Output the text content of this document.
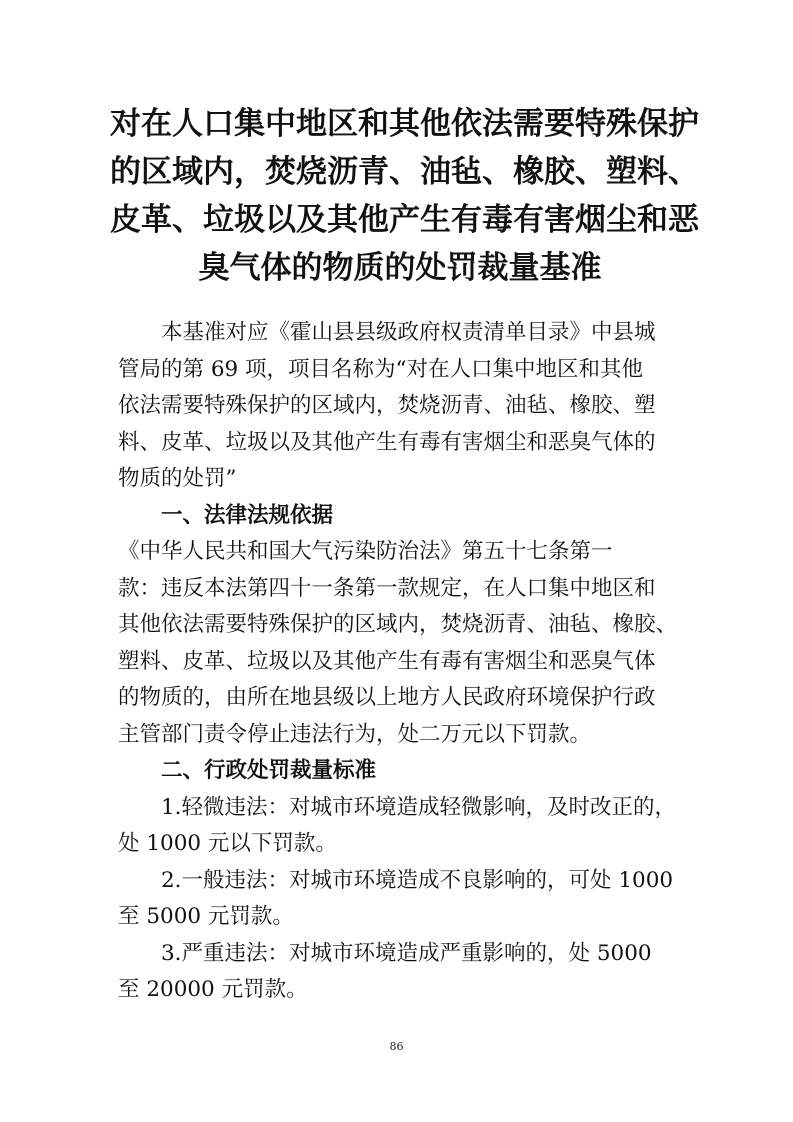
对在人口集中地区和其他依法需要特殊保护
的区域内，焚烧沥青、油毡、橡胶、塑料、
皮革、垃圾以及其他产生有毒有害烟尘和恶
臭气体的物质的处罚裁量基准
本基准对应《霍山县县级政府权责清单目录》中县城
管局的第 69 项，项目名称为“对在人口集中地区和其他
依法需要特殊保护的区域内，焚烧沥青、油毡、橡胶、塑
料、皮革、垃圾以及其他产生有毒有害烟尘和恶臭气体的
物质的处罚”
一、法律法规依据
《中华人民共和国大气污染防治法》第五十七条第一
款：违反本法第四十一条第一款规定，在人口集中地区和
其他依法需要特殊保护的区域内，焚烧沥青、油毡、橡胶、
塑料、皮革、垃圾以及其他产生有毒有害烟尘和恶臭气体
的物质的，由所在地县级以上地方人民政府环境保护行政
主管部门责令停止违法行为，处二万元以下罚款。
二、行政处罚裁量标准
1.轻微违法：对城市环境造成轻微影响，及时改正的，
处 1000 元以下罚款。
2.一般违法：对城市环境造成不良影响的，可处 1000
至 5000 元罚款。
3.严重违法：对城市环境造成严重影响的，处 5000
至 20000 元罚款。
86
